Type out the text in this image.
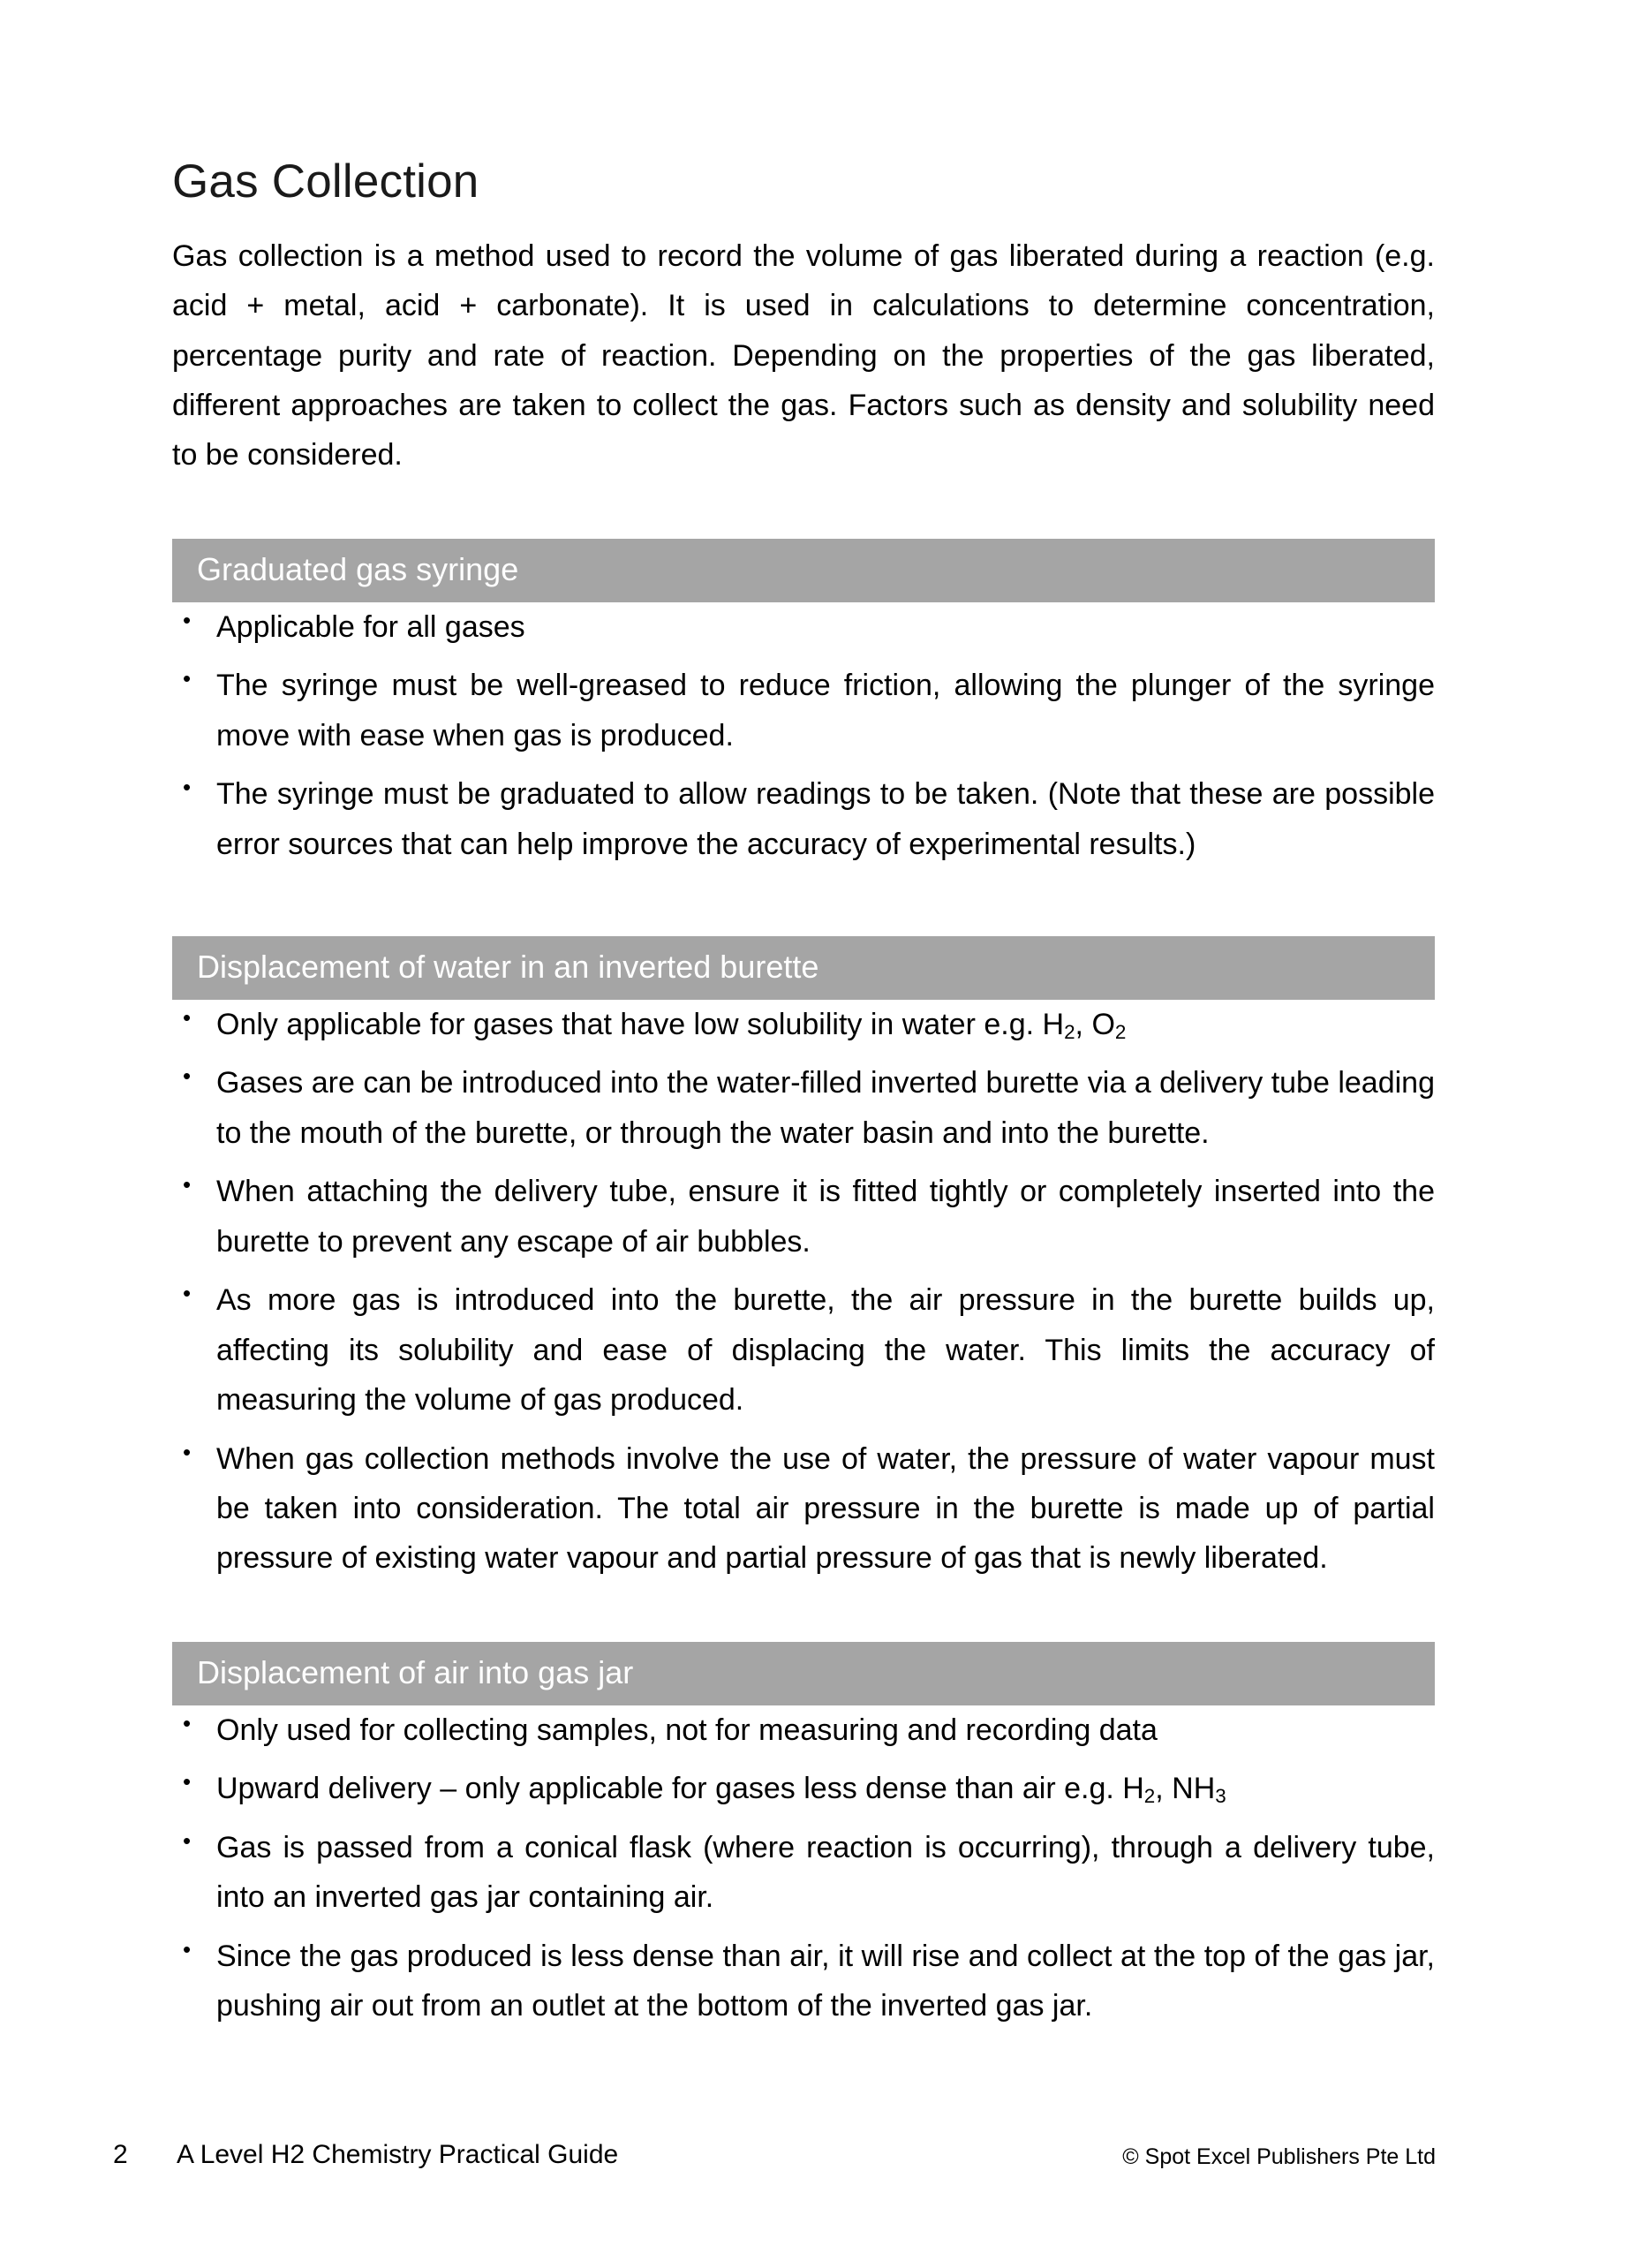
Gas Collection

Gas collection is a method used to record the volume of gas liberated during a reaction (e.g. acid + metal, acid + carbonate). It is used in calculations to determine concentration, percentage purity and rate of reaction. Depending on the properties of the gas liberated, different approaches are taken to collect the gas. Factors such as density and solubility need to be considered.

Graduated gas syringe
• Applicable for all gases
• The syringe must be well-greased to reduce friction, allowing the plunger of the syringe move with ease when gas is produced.
• The syringe must be graduated to allow readings to be taken. (Note that these are possible error sources that can help improve the accuracy of experimental results.)
Displacement of water in an inverted burette
• Only applicable for gases that have low solubility in water e.g. $H_2$, $O_2$
• Gases are can be introduced into the water-filled inverted burette via a delivery tube leading to the mouth of the burette, or through the water basin and into the burette.
• When attaching the delivery tube, ensure it is fitted tightly or completely inserted into the burette to prevent any escape of air bubbles.
• As more gas is introduced into the burette, the air pressure in the burette builds up, affecting its solubility and ease of displacing the water. This limits the accuracy of measuring the volume of gas produced.
• When gas collection methods involve the use of water, the pressure of water vapour must be taken into consideration. The total air pressure in the burette is made up of partial pressure of existing water vapour and partial pressure of gas that is newly liberated.
Displacement of air into gas jar
• Only used for collecting samples, not for measuring and recording data
• Upward delivery – only applicable for gases less dense than air e.g. $H_2$, $NH_3$
• Gas is passed from a conical flask (where reaction is occurring), through a delivery tube, into an inverted gas jar containing air.
• Since the gas produced is less dense than air, it will rise and collect at the top of the gas jar, pushing air out from an outlet at the bottom of the inverted gas jar.
2 A Level H2 Chemistry Practical Guide	© Spot Excel Publishers Pte Ltd
